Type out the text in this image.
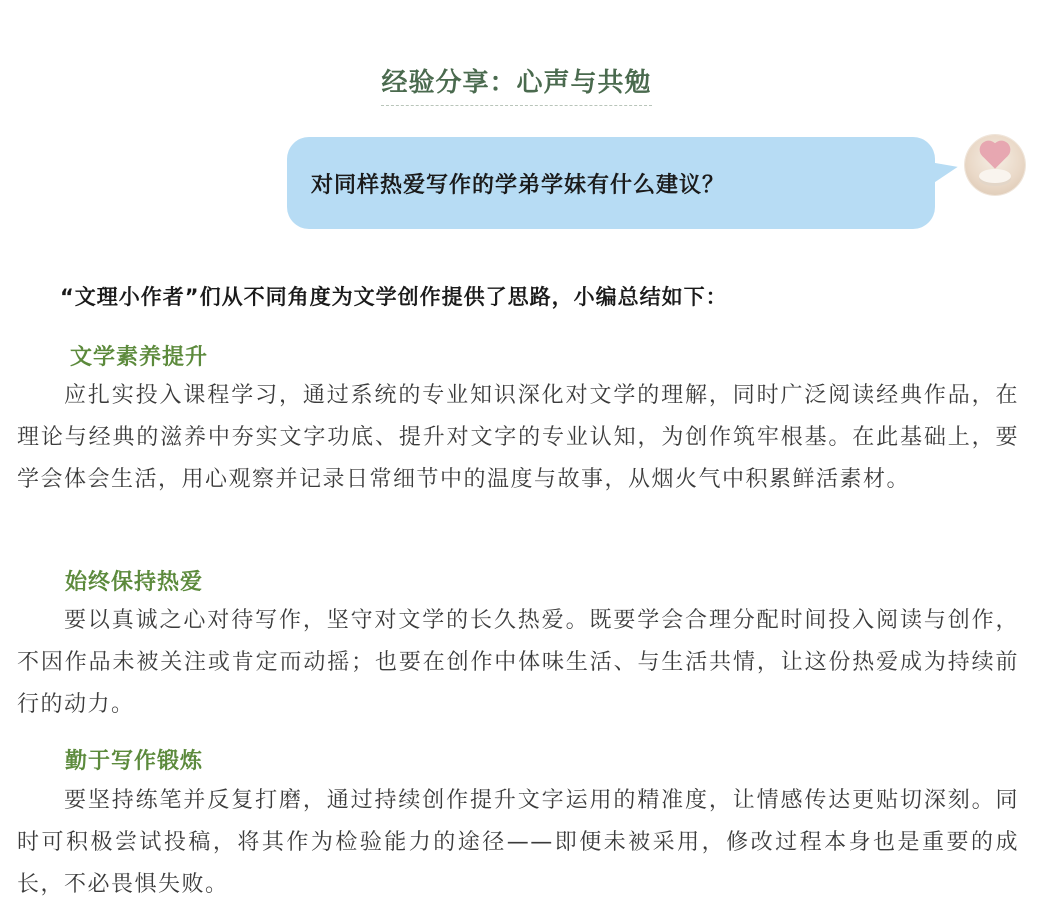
经验分享：心声与共勉
对同样热爱写作的学弟学妹有什么建议？
“文理小作者”们从不同角度为文学创作提供了思路，小编总结如下：
文学素养提升

应扎实投入课程学习，通过系统的专业知识深化对文学的理解，同时广泛阅读经典作品，在理论与经典的滋养中夯实文字功底、提升对文字的专业认知，为创作筑牢根基。在此基础上，要学会体会生活，用心观察并记录日常细节中的温度与故事，从烟火气中积累鲜活素材。

始终保持热爱

要以真诚之心对待写作，坚守对文学的长久热爱。既要学会合理分配时间投入阅读与创作，不因作品未被关注或肯定而动摇；也要在创作中体味生活、与生活共情，让这份热爱成为持续前行的动力。

勤于写作锻炼

要坚持练笔并反复打磨，通过持续创作提升文字运用的精准度，让情感传达更贴切深刻。同时可积极尝试投稿，将其作为检验能力的途径——即便未被采用，修改过程本身也是重要的成长，不必畏惧失败。
